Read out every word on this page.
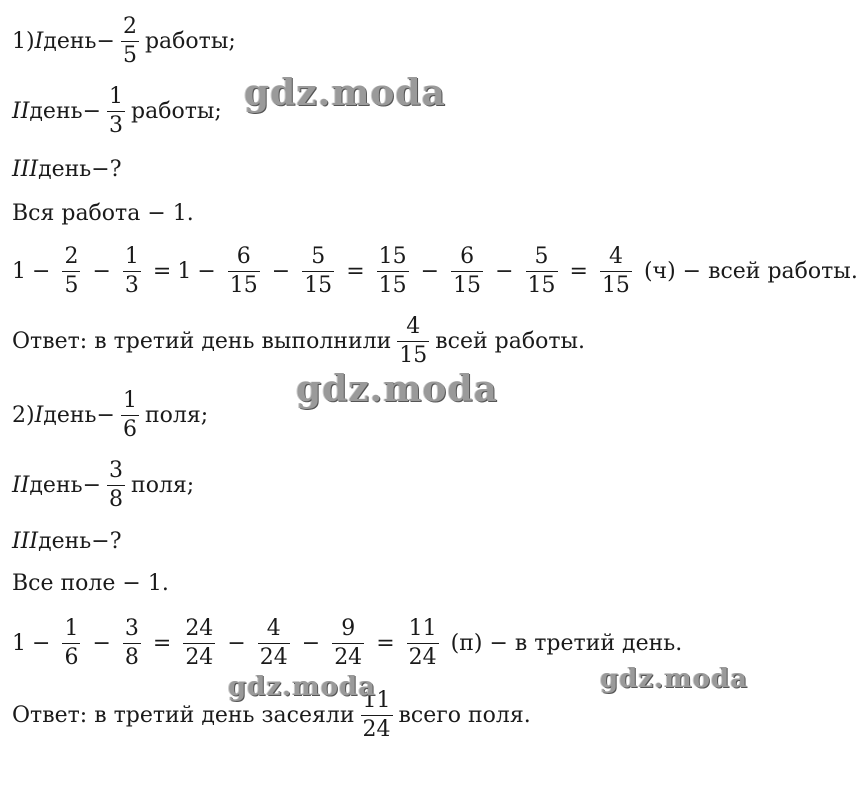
1) I день − $\frac{2}{5}$ работы;
II день − $\frac{1}{3}$ работы;
III день−?
Вся работа − 1.
$1 - \frac{2}{5} - \frac{1}{3} = 1 - \frac{6}{15} - \frac{5}{15} = \frac{15}{15} - \frac{6}{15} - \frac{5}{15} = \frac{4}{15} (ч)$ − всей работы.
Ответ: в третий день выполнили $\frac{4}{15}$ всей работы.
2) I день − $\frac{1}{6}$ поля;
II день − $\frac{3}{8}$ поля;
III день−?
Все поле − 1.
$1 - \frac{1}{6} - \frac{3}{8} = \frac{24}{24} - \frac{4}{24} - \frac{9}{24} = \frac{11}{24} (п) - в$ третий день.
Ответ: в третий день засеяли $\frac{11}{24}$ всего поля.
gdz.moda
gdz.moda
gdz.moda	gdz.moda
